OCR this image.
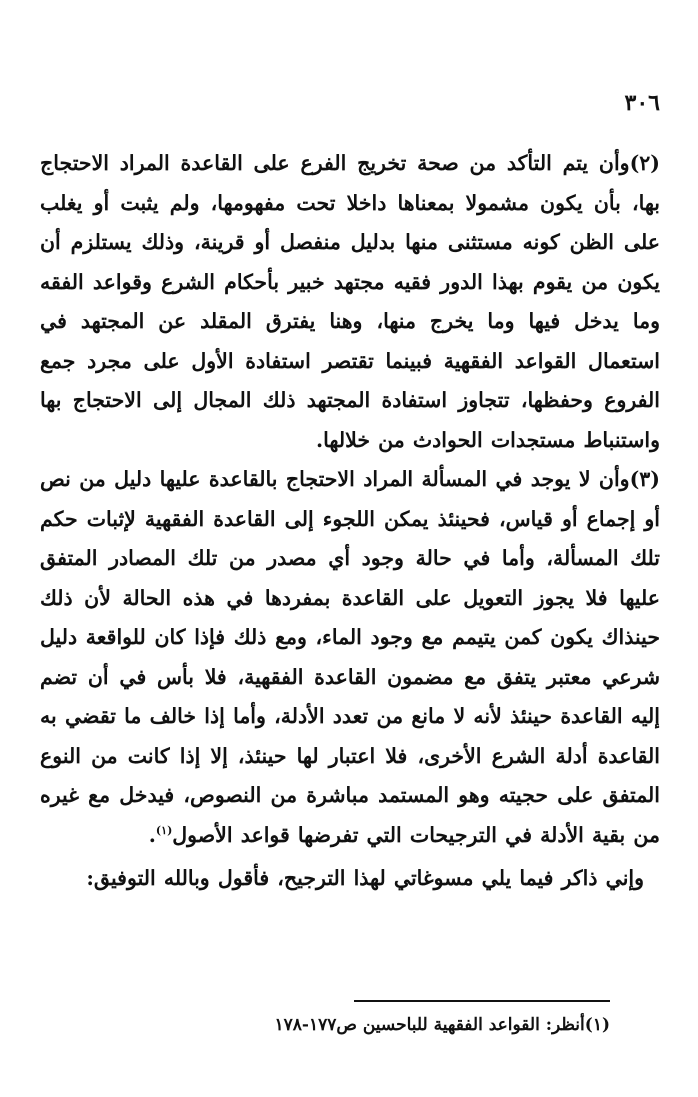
٣٠٦

(٢)وأن يتم التأكد من صحة تخريج الفرع على القاعدة المراد الاحتجاج بها، بأن يكون مشمولا بمعناها داخلا تحت مفهومها، ولم يثبت أو يغلب على الظن كونه مستثنى منها بدليل منفصل أو قرينة، وذلك يستلزم أن يكون من يقوم بهذا الدور فقيه مجتهد خبير بأحكام الشرع وقواعد الفقه وما يدخل فيها وما يخرج منها، وهنا يفترق المقلد عن المجتهد في استعمال القواعد الفقهية فبينما تقتصر استفادة الأول على مجرد جمع الفروع وحفظها، تتجاوز استفادة المجتهد ذلك المجال إلى الاحتجاج بها واستنباط مستجدات الحوادث من خلالها.

(٣)وأن لا يوجد في المسألة المراد الاحتجاج بالقاعدة عليها دليل من نص أو إجماع أو قياس، فحينئذ يمكن اللجوء إلى القاعدة الفقهية لإثبات حكم تلك المسألة، وأما في حالة وجود أي مصدر من تلك المصادر المتفق عليها فلا يجوز التعويل على القاعدة بمفردها في هذه الحالة لأن ذلك حينذاك يكون كمن يتيمم مع وجود الماء، ومع ذلك فإذا كان للواقعة دليل شرعي معتبر يتفق مع مضمون القاعدة الفقهية، فلا بأس في أن تضم إليه القاعدة حينئذ لأنه لا مانع من تعدد الأدلة، وأما إذا خالف ما تقضي به القاعدة أدلة الشرع الأخرى، فلا اعتبار لها حينئذ، إلا إذا كانت من النوع المتفق على حجيته وهو المستمد مباشرة من النصوص، فيدخل مع غيره من بقية الأدلة في الترجيحات التي تفرضها قواعد الأصول$^{(١)}$.

وإني ذاكر فيما يلي مسوغاتي لهذا الترجيح، فأقول وبالله التوفيق:

(١)أنظر: القواعد الفقهية للباحسين ص١٧٧-١٧٨
